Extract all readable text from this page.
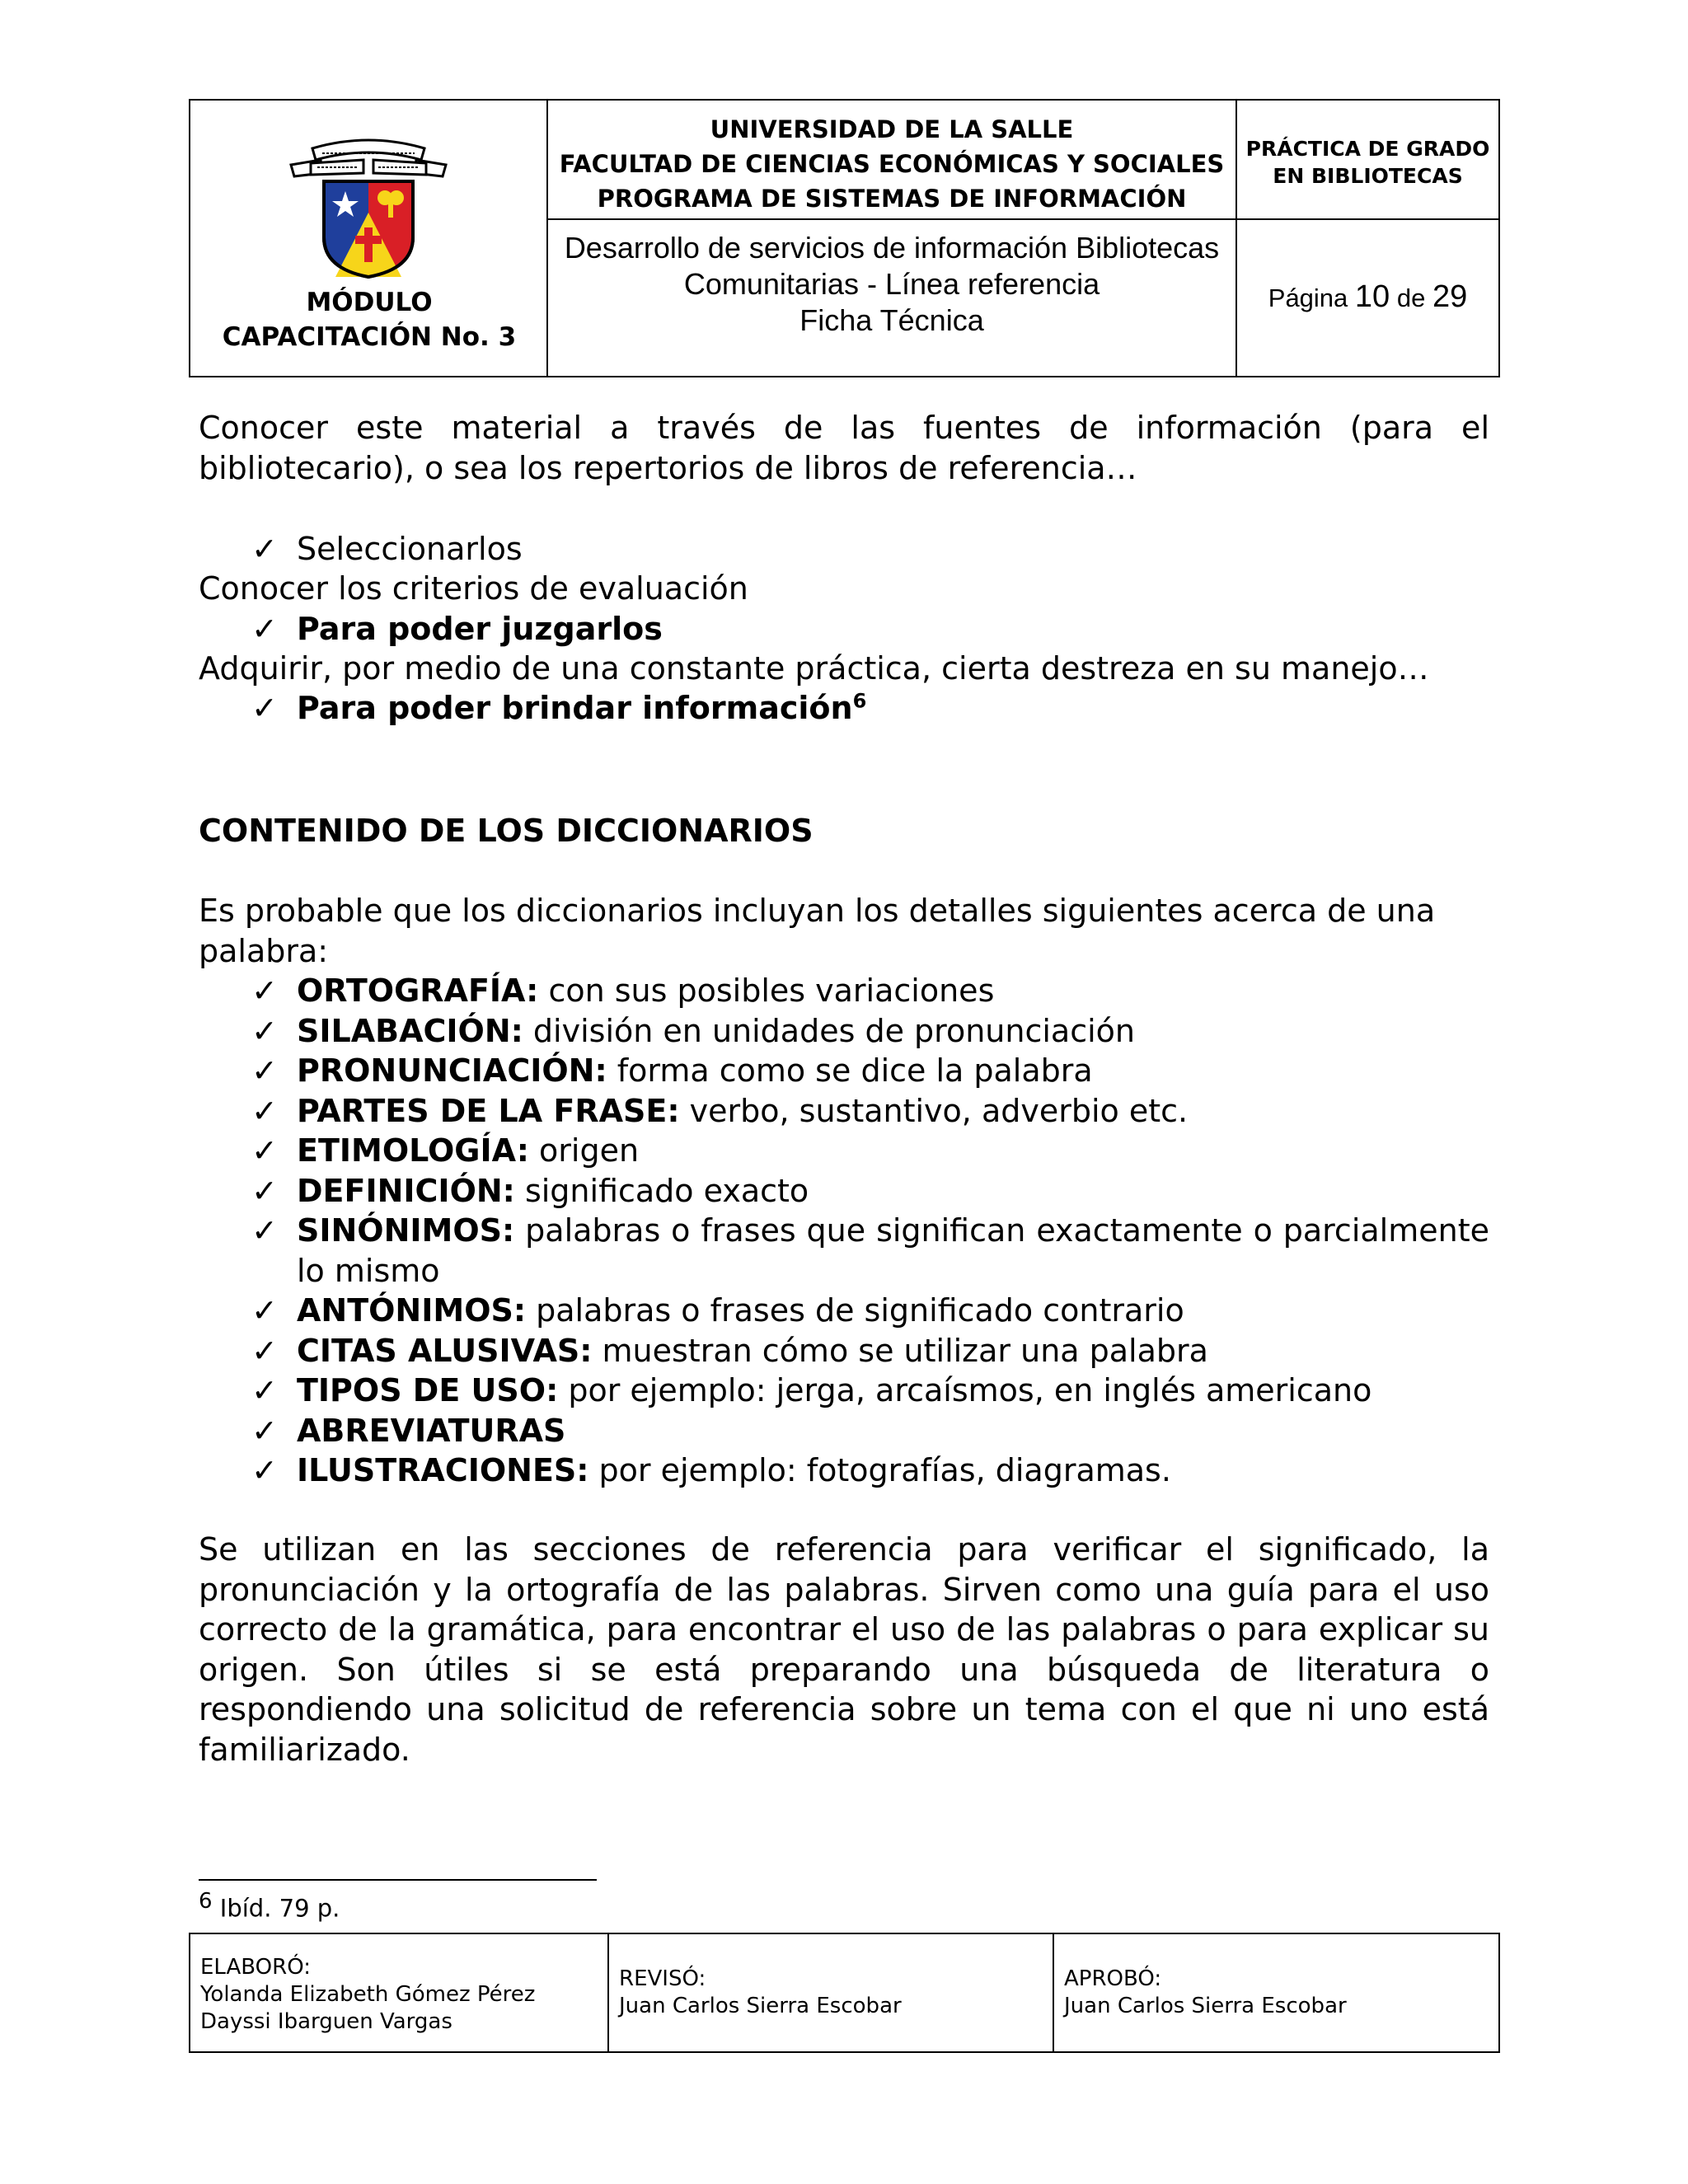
MÓDULO
CAPACITACIÓN No. 3
UNIVERSIDAD DE LA SALLE
FACULTAD DE CIENCIAS ECONÓMICAS Y SOCIALES
PROGRAMA DE SISTEMAS DE INFORMACIÓN
Desarrollo de servicios de información Bibliotecas
Comunitarias - Línea referencia
Ficha Técnica
PRÁCTICA DE GRADO
EN BIBLIOTECAS
Página 10 de 29
Conocer este material a través de las fuentes de información (para el bibliotecario), o sea los repertorios de libros de referencia…
✓ Seleccionarlos
Conocer los criterios de evaluación
✓ Para poder juzgarlos
Adquirir, por medio de una constante práctica, cierta destreza en su manejo…
✓ Para poder brindar información$^6$
CONTENIDO DE LOS DICCIONARIOS
Es probable que los diccionarios incluyan los detalles siguientes acerca de una palabra:
✓ ORTOGRAFÍA: con sus posibles variaciones
✓ SILABACIÓN: división en unidades de pronunciación
✓ PRONUNCIACIÓN: forma como se dice la palabra
✓ PARTES DE LA FRASE: verbo, sustantivo, adverbio etc.
✓ ETIMOLOGÍA: origen
✓ DEFINICIÓN: significado exacto
✓ SINÓNIMOS: palabras o frases que significan exactamente o parcialmente lo mismo
✓ ANTÓNIMOS: palabras o frases de significado contrario
✓ CITAS ALUSIVAS: muestran cómo se utilizar una palabra
✓ TIPOS DE USO: por ejemplo: jerga, arcaísmos, en inglés americano
✓ ABREVIATURAS
✓ ILUSTRACIONES: por ejemplo: fotografías, diagramas.
Se utilizan en las secciones de referencia para verificar el significado, la pronunciación y la ortografía de las palabras. Sirven como una guía para el uso correcto de la gramática, para encontrar el uso de las palabras o para explicar su origen. Son útiles si se está preparando una búsqueda de literatura o respondiendo una solicitud de referencia sobre un tema con el que ni uno está familiarizado.
6 Ibíd. 79 p.
ELABORÓ:
Yolanda Elizabeth Gómez Pérez
Dayssi Ibarguen Vargas
REVISÓ:
Juan Carlos Sierra Escobar
APROBÓ:
Juan Carlos Sierra Escobar
